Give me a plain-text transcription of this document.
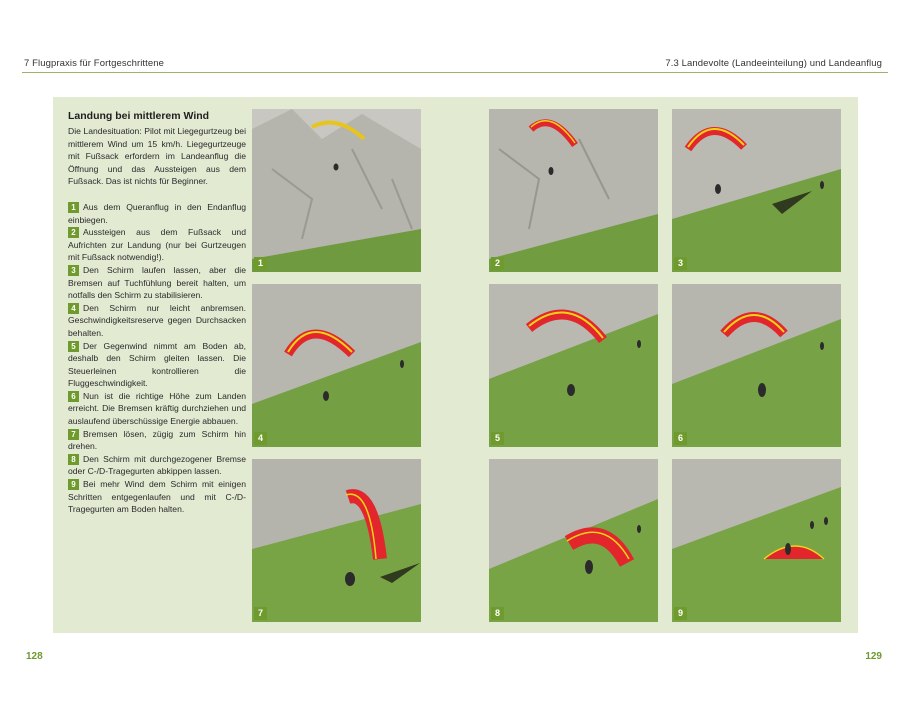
7 Flugpraxis für Fortgeschrittene	7.3 Landevolte (Landeeinteilung) und Landeanflug
Landung bei mittlerem Wind

Die Landesituation: Pilot mit Liegegurtzeug bei mittlerem Wind um 15 km/h. Liegegurtzeuge mit Fußsack erfordern im Landeanflug die Öffnung und das Aussteigen aus dem Fußsack. Das ist nichts für Beginner.

1 Aus dem Queranflug in den Endanflug einbiegen.

2 Aussteigen aus dem Fußsack und Aufrichten zur Landung (nur bei Gurtzeugen mit Fußsack notwendig!).

3 Den Schirm laufen lassen, aber die Bremsen auf Tuchfühlung bereit halten, um notfalls den Schirm zu stabilisieren.

4 Den Schirm nur leicht anbremsen. Geschwindigkeitsreserve gegen Durchsacken behalten.

5 Der Gegenwind nimmt am Boden ab, deshalb den Schirm gleiten lassen. Die Steuerleinen kontrollieren die Fluggeschwindigkeit.

6 Nun ist die richtige Höhe zum Landen erreicht. Die Bremsen kräftig durchziehen und auslaufend überschüssige Energie abbauen.

7 Bremsen lösen, zügig zum Schirm hin drehen.

8 Den Schirm mit durchgezogener Bremse oder C-/D-Tragegurten abkippen lassen.

9 Bei mehr Wind dem Schirm mit einigen Schritten entgegenlaufen und mit C-/D-Tragegurten am Boden halten.

1	2	3
4	5	6
7	8	9
128	129
